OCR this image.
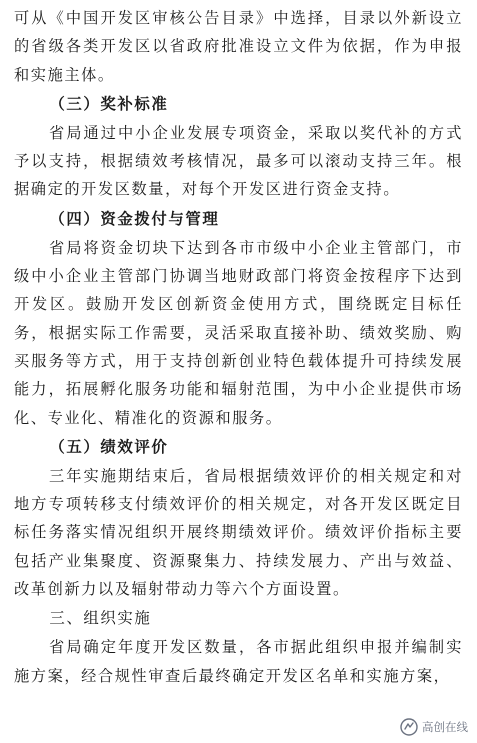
可从《中国开发区审核公告目录》中选择，目录以外新设立的省级各类开发区以省政府批准设立文件为依据，作为申报和实施主体。

（三）奖补标准

省局通过中小企业发展专项资金，采取以奖代补的方式予以支持，根据绩效考核情况，最多可以滚动支持三年。根据确定的开发区数量，对每个开发区进行资金支持。

（四）资金拨付与管理

省局将资金切块下达到各市市级中小企业主管部门，市级中小企业主管部门协调当地财政部门将资金按程序下达到开发区。鼓励开发区创新资金使用方式，围绕既定目标任务，根据实际工作需要，灵活采取直接补助、绩效奖励、购买服务等方式，用于支持创新创业特色载体提升可持续发展能力，拓展孵化服务功能和辐射范围，为中小企业提供市场化、专业化、精准化的资源和服务。

（五）绩效评价

三年实施期结束后，省局根据绩效评价的相关规定和对地方专项转移支付绩效评价的相关规定，对各开发区既定目标任务落实情况组织开展终期绩效评价。绩效评价指标主要包括产业集聚度、资源聚集力、持续发展力、产出与效益、改革创新力以及辐射带动力等六个方面设置。

三、组织实施

省局确定年度开发区数量，各市据此组织申报并编制实施方案，经合规性审查后最终确定开发区名单和实施方案，

高创在线
